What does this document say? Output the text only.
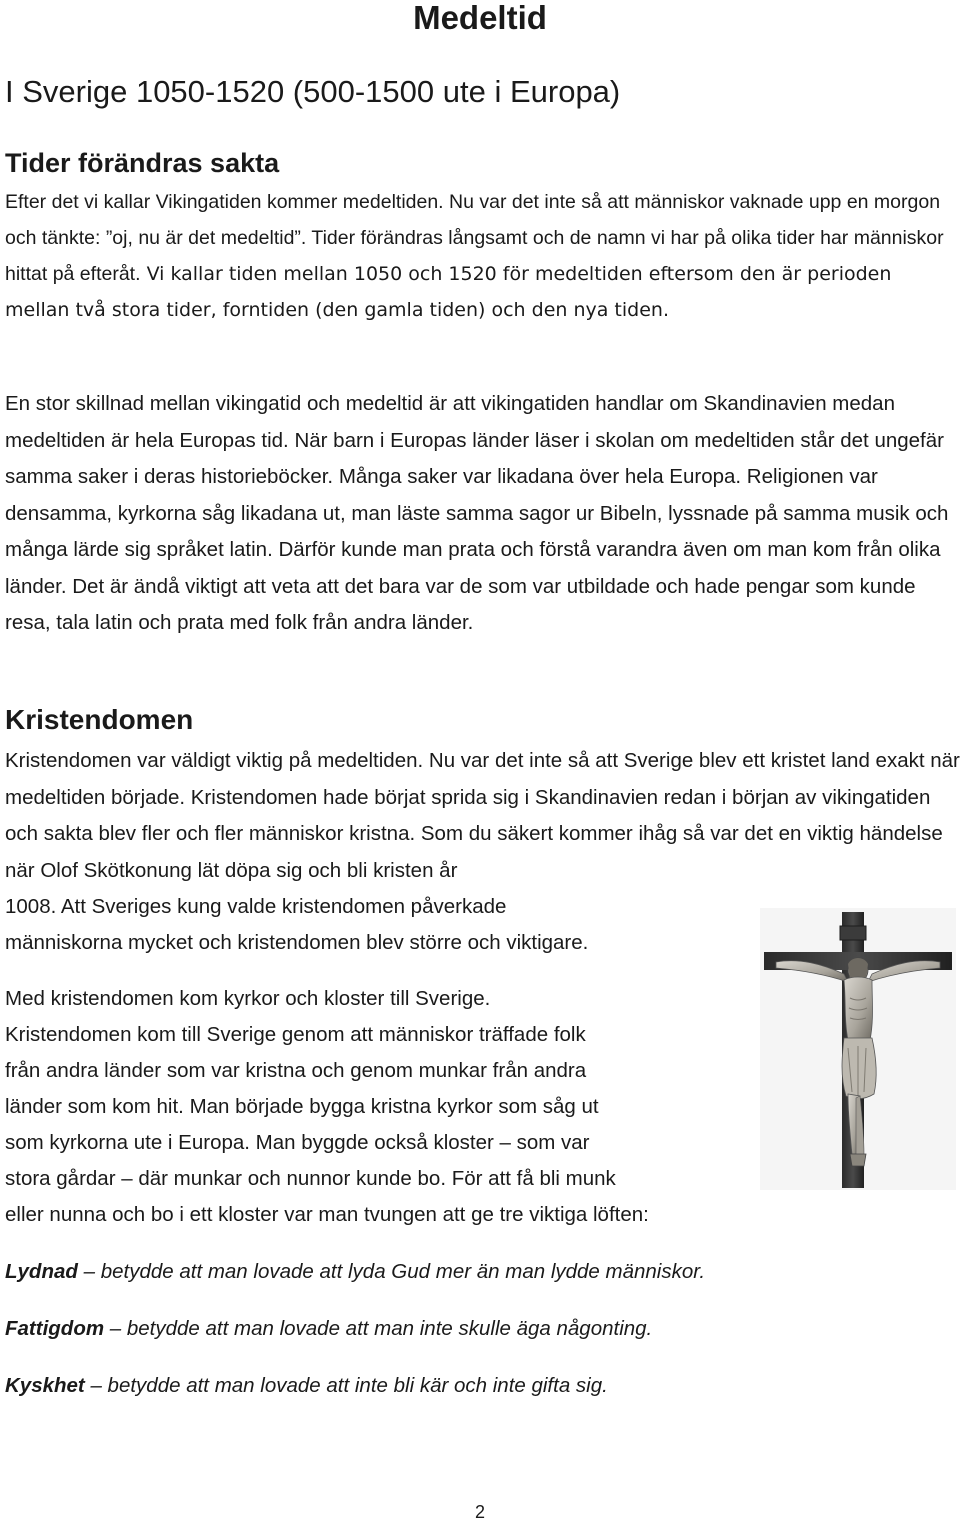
Medeltid
I Sverige 1050-1520 (500-1500 ute i Europa)
Tider förändras sakta

Efter det vi kallar Vikingatiden kommer medeltiden. Nu var det inte så att människor vaknade upp en morgon och tänkte: ”oj, nu är det medeltid”. Tider förändras långsamt och de namn vi har på olika tider har människor hittat på efteråt. Vi kallar tiden mellan 1050 och 1520 för medeltiden eftersom den är perioden mellan två stora tider, forntiden (den gamla tiden) och den nya tiden.

En stor skillnad mellan vikingatid och medeltid är att vikingatiden handlar om Skandinavien medan medeltiden är hela Europas tid. När barn i Europas länder läser i skolan om medeltiden står det ungefär samma saker i deras historieböcker. Många saker var likadana över hela Europa. Religionen var densamma, kyrkorna såg likadana ut, man läste samma sagor ur Bibeln, lyssnade på samma musik och många lärde sig språket latin. Därför kunde man prata och förstå varandra även om man kom från olika länder. Det är ändå viktigt att veta att det bara var de som var utbildade och hade pengar som kunde resa, tala latin och prata med folk från andra länder.

Kristendomen

Kristendomen var väldigt viktig på medeltiden. Nu var det inte så att Sverige blev ett kristet land exakt när medeltiden började. Kristendomen hade börjat sprida sig i Skandinavien redan i början av vikingatiden och sakta blev fler och fler människor kristna. Som du säkert kommer ihåg så var det en viktig händelse när Olof Skötkonung lät döpa sig och bli kristen år

1008. Att Sveriges kung valde kristendomen påverkade

människorna mycket och kristendomen blev större och viktigare.

Med kristendomen kom kyrkor och kloster till Sverige.

Kristendomen kom till Sverige genom att människor träffade folk

från andra länder som var kristna och genom munkar från andra

länder som kom hit. Man började bygga kristna kyrkor som såg ut

som kyrkorna ute i Europa. Man byggde också kloster – som var

stora gårdar – där munkar och nunnor kunde bo. För att få bli munk

eller nunna och bo i ett kloster var man tvungen att ge tre viktiga löften:

Lydnad – betydde att man lovade att lyda Gud mer än man lydde människor.

Fattigdom – betydde att man lovade att man inte skulle äga någonting.

Kyskhet – betydde att man lovade att inte bli kär och inte gifta sig.

2
